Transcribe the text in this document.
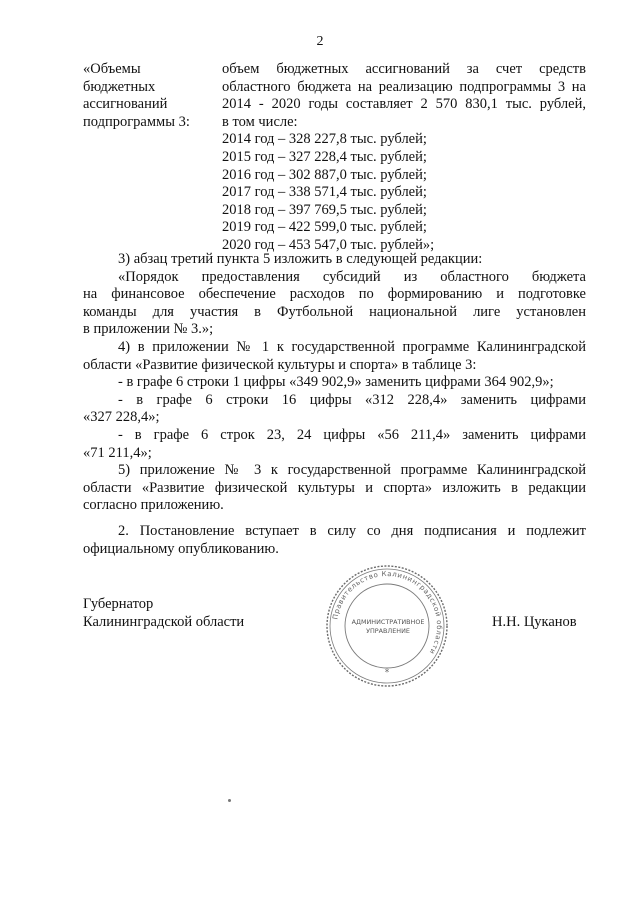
2
«Объемы
бюджетных
ассигнований
подпрограммы 3:
объем бюджетных ассигнований за счет средств
областного бюджета на реализацию подпрограммы 3 на
2014 - 2020 годы составляет 2 570 830,1 тыс. рублей,
в том числе:
2014 год – 328 227,8 тыс. рублей;
2015 год – 327 228,4 тыс. рублей;
2016 год – 302 887,0 тыс. рублей;
2017 год – 338 571,4 тыс. рублей;
2018 год – 397 769,5 тыс. рублей;
2019 год – 422 599,0 тыс. рублей;
2020 год – 453 547,0 тыс. рублей»;

3) абзац третий пункта 5 изложить в следующей редакции:

«Порядок предоставления субсидий из областного бюджета

на финансовое обеспечение расходов по формированию и подготовке

команды для участия в Футбольной национальной лиге установлен

в приложении № 3.»;

4) в приложении № 1 к государственной программе Калининградской

области «Развитие физической культуры и спорта» в таблице 3:

- в графе 6 строки 1 цифры «349 902,9» заменить цифрами 364 902,9»;

- в графе 6 строки 16 цифры «312 228,4» заменить цифрами

«327 228,4»;

- в графе 6 строк 23, 24 цифры «56 211,4» заменить цифрами

«71 211,4»;

5) приложение № 3 к государственной программе Калининградской

области «Развитие физической культуры и спорта» изложить в редакции

согласно приложению.

2. Постановление вступает в силу со дня подписания и подлежит

официальному опубликованию.

Губернатор
Калининградской области	Правительство Калининградской области
АДМИНИСТРАТИВНОЕ
УПРАВЛЕНИЕ
*
Н.Н. Цуканов
